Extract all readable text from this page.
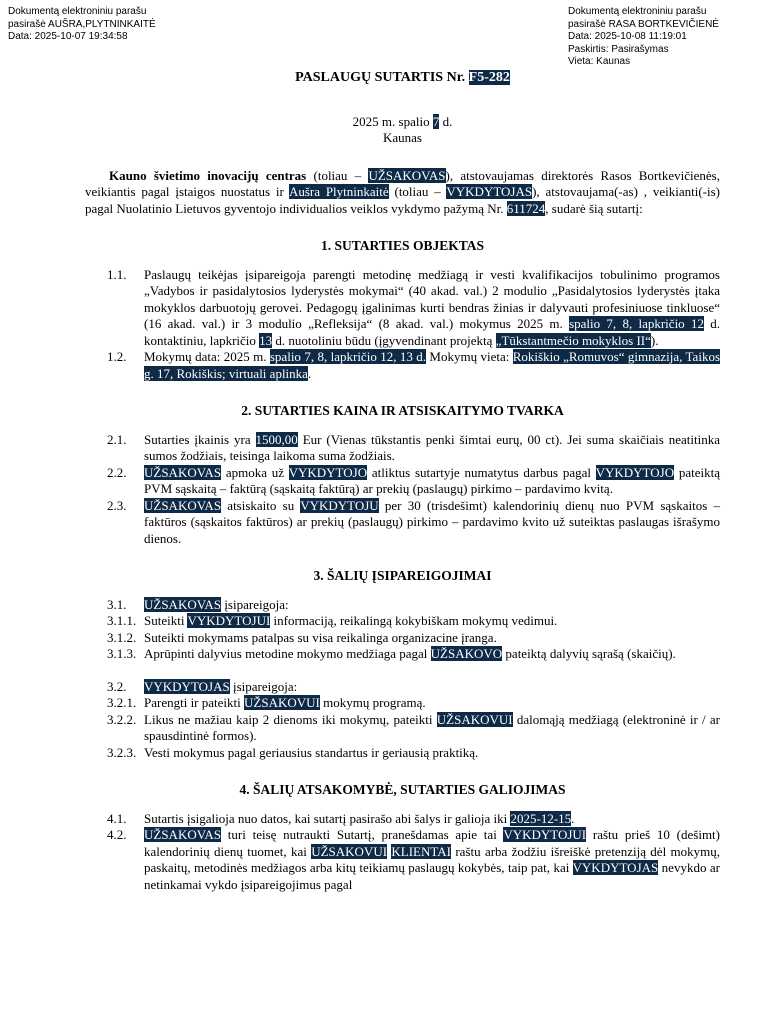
Dokumentą elektroniniu parašu
pasirašė AUŠRA,PLYTNINKAITĖ
Data: 2025-10-07 19:34:58
Dokumentą elektroniniu parašu
pasirašė RASA BORTKEVIČIENĖ
Data: 2025-10-08 11:19:01
Paskirtis: Pasirašymas
Vieta: Kaunas
PASLAUGŲ SUTARTIS Nr. F5-282
2025 m. spalio 7 d.
Kaunas
Kauno švietimo inovacijų centras (toliau – UŽSAKOVAS), atstovaujamas direktorės Rasos Bortkevičienės, veikiantis pagal įstaigos nuostatus ir Aušra Plytninkaitė (toliau – VYKDYTOJAS), atstovaujama(-as) , veikianti(-is) pagal Nuolatinio Lietuvos gyventojo individualios veiklos vykdymo pažymą Nr. 611724, sudarė šią sutartį:
1. SUTARTIES OBJEKTAS
1.1.	Paslaugų teikėjas įsipareigoja parengti metodinę medžiagą ir vesti kvalifikacijos tobulinimo programos „Vadybos ir pasidalytosios lyderystės mokymai“ (40 akad. val.) 2 modulio „Pasidalytosios lyderystės įtaka mokyklos darbuotojų gerovei. Pedagogų įgalinimas kurti bendras žinias ir dalyvauti profesiniuose tinkluose“ (16 akad. val.) ir 3 modulio „Refleksija“ (8 akad. val.) mokymus 2025 m. spalio 7, 8, lapkričio 12 d. kontaktiniu, lapkričio 13 d. nuotoliniu būdu (įgyvendinant projektą „Tūkstantmečio mokyklos II“).
1.2.	Mokymų data: 2025 m. spalio 7, 8, lapkričio 12, 13 d. Mokymų vieta: Rokiškio „Romuvos“ gimnazija, Taikos g. 17, Rokiškis; virtuali aplinka.
2. SUTARTIES KAINA IR ATSISKAITYMO TVARKA
2.1.	Sutarties įkainis yra 1500,00 Eur (Vienas tūkstantis penki šimtai eurų, 00 ct). Jei suma skaičiais neatitinka sumos žodžiais, teisinga laikoma suma žodžiais.
2.2.	UŽSAKOVAS apmoka už VYKDYTOJO atliktus sutartyje numatytus darbus pagal VYKDYTOJO pateiktą PVM sąskaitą – faktūrą (sąskaitą faktūrą) ar prekių (paslaugų) pirkimo – pardavimo kvitą.
2.3.	UŽSAKOVAS atsiskaito su VYKDYTOJU per 30 (trisdešimt) kalendorinių dienų nuo PVM sąskaitos – faktūros (sąskaitos faktūros) ar prekių (paslaugų) pirkimo – pardavimo kvito už suteiktas paslaugas išrašymo dienos.
3. ŠALIŲ ĮSIPAREIGOJIMAI
3.1.	UŽSAKOVAS įsipareigoja:
3.1.1. Suteikti VYKDYTOJUI informaciją, reikalingą kokybiškam mokymų vedimui.
3.1.2. Suteikti mokymams patalpas su visa reikalinga organizacine įranga.
3.1.3. Aprūpinti dalyvius metodine mokymo medžiaga pagal UŽSAKOVO pateiktą dalyvių sąrašą (skaičių).
3.2.	VYKDYTOJAS įsipareigoja:
3.2.1. Parengti ir pateikti UŽSAKOVUI mokymų programą.
3.2.2. Likus ne mažiau kaip 2 dienoms iki mokymų, pateikti UŽSAKOVUI dalomąją medžiagą (elektroninė ir / ar spausdintinė formos).
3.2.3. Vesti mokymus pagal geriausius standartus ir geriausią praktiką.
4. ŠALIŲ ATSAKOMYBĖ, SUTARTIES GALIOJIMAS
4.1.	Sutartis įsigalioja nuo datos, kai sutartį pasirašo abi šalys ir galioja iki 2025-12-15.
4.2.	UŽSAKOVAS turi teisę nutraukti Sutartį, pranešdamas apie tai VYKDYTOJUI raštu prieš 10 (dešimt) kalendorinių dienų tuomet, kai UŽSAKOVUI KLIENTAI raštu arba žodžiu išreiškė pretenziją dėl mokymų, paskaitų, metodinės medžiagos arba kitų teikiamų paslaugų kokybės, taip pat, kai VYKDYTOJAS nevykdo ar netinkamai vykdo įsipareigojimus pagal
